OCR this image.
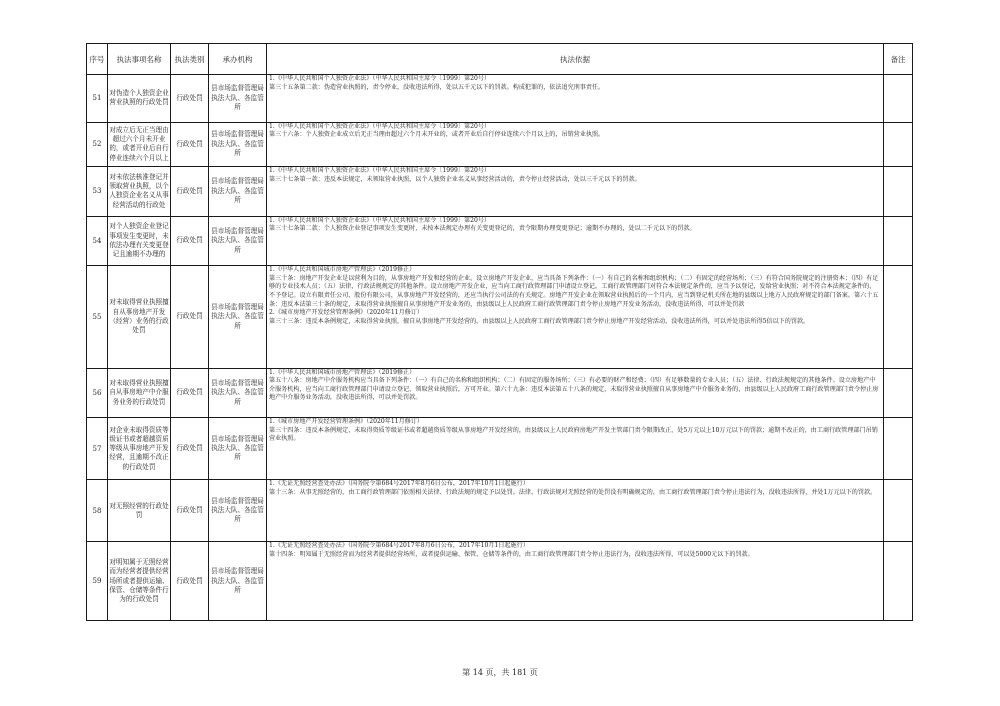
序号	执法事项名称	执法类别	承办机构	执法依据	备注

51	对伪造个人独资企业营业执照的行政处罚	行政处罚	县市场监督管理局执法大队、各监管所	1.《中华人民共和国个人独资企业法》（中华人民共和国主席令〔1999〕第20号）

第三十五条第二款：伪造营业执照的，责令停业，没收违法所得，处以五千元以下的罚款。构成犯罪的，依法追究刑事责任。	

52	对成立后无正当理由超过六个月未开业的，或者开业后自行停业连续六个月以上	行政处罚	县市场监督管理局执法大队、各监管所	1.《中华人民共和国个人独资企业法》（中华人民共和国主席令〔1999〕第20号）

第三十六条：个人独资企业成立后无正当理由超过六个月未开业的，或者开业后自行停业连续六个月以上的，吊销营业执照。	

53	对未依法核准登记并领取营业执照，以个人独资企业名义从事经营活动的行政处	行政处罚	县市场监督管理局执法大队、各监管所	1.《中华人民共和国个人独资企业法》（中华人民共和国主席令〔1999〕第20号）

第三十七条第一款：违反本法规定，未领取营业执照，以个人独资企业名义从事经营活动的，责令停止经营活动，处以三千元以下的罚款。	

54	对个人独资企业登记事项发生变更时，未依法办理有关变更登记且逾期不办理的	行政处罚	县市场监督管理局执法大队、各监管所	1.《中华人民共和国个人独资企业法》（中华人民共和国主席令〔1999〕第20号）

第三十七条第二款：个人独资企业登记事项发生变更时，未按本法规定办理有关变更登记的，责令限期办理变更登记；逾期不办理的，处以二千元以下的罚款。	

55	对未取得营业执照擅自从事房地产开发（经营）业务的行政处罚	行政处罚	县市场监督管理局执法大队、各监管所	1.《中华人民共和国城市房地产管理法》（2019修正）

第三十条：房地产开发企业是以营利为目的，从事房地产开发和经营的企业。设立房地产开发企业，应当具备下列条件：（一）有自己的名称和组织机构；（二）有固定的经营场所；（三）有符合国务院规定的注册资本；（四）有足够的专业技术人员；（五）法律、行政法规规定的其他条件。设立房地产开发企业，应当向工商行政管理部门申请设立登记。工商行政管理部门对符合本法规定条件的，应当予以登记，发给营业执照；对不符合本法规定条件的，不予登记。设立有限责任公司、股份有限公司，从事房地产开发经营的，还应当执行公司法的有关规定。房地产开发企业在领取营业执照后的一个月内，应当到登记机关所在地的县级以上地方人民政府规定的部门备案。第六十五条：违反本法第三十条的规定，未取得营业执照擅自从事房地产开发业务的，由县级以上人民政府工商行政管理部门责令停止房地产开发业务活动，没收违法所得，可以并处罚款

2.《城市房地产开发经营管理条例》（2020年11月修订）

第三十三条：违反本条例规定，未取得营业执照，擅自从事房地产开发经营的，由县级以上人民政府工商行政管理部门责令停止房地产开发经营活动，没收违法所得，可以并处违法所得5倍以下的罚款。	

56	对未取得营业执照擅自从事房地产中介服务业务的行政处罚	行政处罚	县市场监督管理局执法大队、各监管所	1.《中华人民共和国城市房地产管理法》（2019修正）

第五十八条：房地产中介服务机构应当具备下列条件：（一）有自己的名称和组织机构；（二）有固定的服务场所；（三）有必要的财产和经费；（四）有足够数量的专业人员；（五）法律、行政法规规定的其他条件。设立房地产中介服务机构，应当向工商行政管理部门申请设立登记，领取营业执照后，方可开业。第六十九条：违反本法第五十八条的规定，未取得营业执照擅自从事房地产中介服务业务的，由县级以上人民政府工商行政管理部门责令停止房地产中介服务业务活动，没收违法所得，可以并处罚款。	

57	对企业未取得资质等级证书或者超越资质等级从事房地产开发经营，且逾期不改正的行政处罚	行政处罚	县市场监督管理局执法大队、各监管所	1.《城市房地产开发经营管理条例》（2020年11月修订）

第三十四条：违反本条例规定，未取得资质等级证书或者超越资质等级从事房地产开发经营的，由县级以上人民政府房地产开发主管部门责令限期改正，处5万元以上10万元以下的罚款；逾期不改正的，由工商行政管理部门吊销营业执照。	

58	对无照经营的行政处罚	行政处罚	县市场监督管理局执法大队、各监管所	1.《无证无照经营查处办法》（国务院令第684号2017年8月6日公布，2017年10月1日起施行）

第十三条：从事无照经营的，由工商行政管理部门依照相关法律、行政法规的规定予以处罚。法律、行政法规对无照经营的处罚没有明确规定的，由工商行政管理部门责令停止违法行为，没收违法所得，并处1万元以下的罚款。	

59	对明知属于无照经营而为经营者提供经营场所或者提供运输、保管、仓储等条件行为的行政处罚	行政处罚	县市场监督管理局执法大队、各监管所	1.《无证无照经营查处办法》（国务院令第684号2017年8月6日公布，2017年10月1日起施行）

第十四条：明知属于无照经营而为经营者提供经营场所，或者提供运输、保管、仓储等条件的，由工商行政管理部门责令停止违法行为，没收违法所得，可以处5000元以下的罚款。	

第 14 页，共 181 页
